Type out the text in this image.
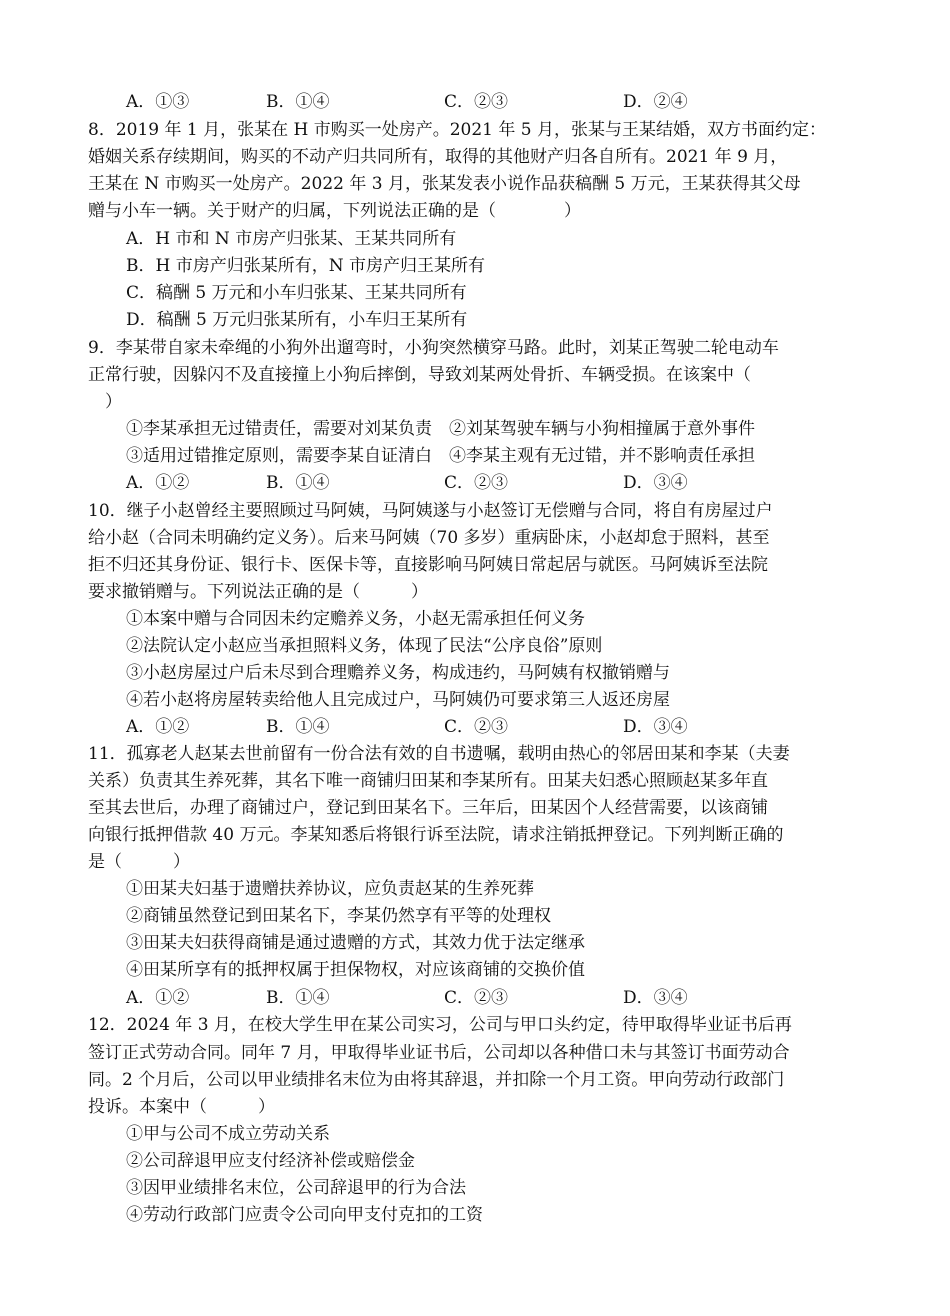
A．①③	B．①④	C．②③	D．②④
8．2019 年 1 月，张某在 H 市购买一处房产。2021 年 5 月，张某与王某结婚，双方书面约定：
婚姻关系存续期间，购买的不动产归共同所有，取得的其他财产归各自所有。2021 年 9 月，
王某在 N 市购买一处房产。2022 年 3 月，张某发表小说作品获稿酬 5 万元，王某获得其父母
赠与小车一辆。关于财产的归属，下列说法正确的是（　　　　）
A．H 市和 N 市房产归张某、王某共同所有
B．H 市房产归张某所有，N 市房产归王某所有
C．稿酬 5 万元和小车归张某、王某共同所有
D．稿酬 5 万元归张某所有，小车归王某所有
9．李某带自家未牵绳的小狗外出遛弯时，小狗突然横穿马路。此时，刘某正驾驶二轮电动车
正常行驶，因躲闪不及直接撞上小狗后摔倒，导致刘某两处骨折、车辆受损。在该案中（
　）
①李某承担无过错责任，需要对刘某负责　②刘某驾驶车辆与小狗相撞属于意外事件
③适用过错推定原则，需要李某自证清白　④李某主观有无过错，并不影响责任承担
A．①②	B．①④	C．②③	D．③④
10．继子小赵曾经主要照顾过马阿姨，马阿姨遂与小赵签订无偿赠与合同，将自有房屋过户
给小赵（合同未明确约定义务）。后来马阿姨（70 多岁）重病卧床，小赵却怠于照料，甚至
拒不归还其身份证、银行卡、医保卡等，直接影响马阿姨日常起居与就医。马阿姨诉至法院
要求撤销赠与。下列说法正确的是（　　　）
①本案中赠与合同因未约定赡养义务，小赵无需承担任何义务
②法院认定小赵应当承担照料义务，体现了民法“公序良俗”原则
③小赵房屋过户后未尽到合理赡养义务，构成违约，马阿姨有权撤销赠与
④若小赵将房屋转卖给他人且完成过户，马阿姨仍可要求第三人返还房屋
A．①②	B．①④	C．②③	D．③④
11．孤寡老人赵某去世前留有一份合法有效的自书遗嘱，载明由热心的邻居田某和李某（夫妻
关系）负责其生养死葬，其名下唯一商铺归田某和李某所有。田某夫妇悉心照顾赵某多年直
至其去世后，办理了商铺过户，登记到田某名下。三年后，田某因个人经营需要，以该商铺
向银行抵押借款 40 万元。李某知悉后将银行诉至法院，请求注销抵押登记。下列判断正确的
是（　　　）
①田某夫妇基于遗赠扶养协议，应负责赵某的生养死葬
②商铺虽然登记到田某名下，李某仍然享有平等的处理权
③田某夫妇获得商铺是通过遗赠的方式，其效力优于法定继承
④田某所享有的抵押权属于担保物权，对应该商铺的交换价值
A．①②	B．①④	C．②③	D．③④
12．2024 年 3 月，在校大学生甲在某公司实习，公司与甲口头约定，待甲取得毕业证书后再
签订正式劳动合同。同年 7 月，甲取得毕业证书后，公司却以各种借口未与其签订书面劳动合
同。2 个月后，公司以甲业绩排名末位为由将其辞退，并扣除一个月工资。甲向劳动行政部门
投诉。本案中（　　　）
①甲与公司不成立劳动关系
②公司辞退甲应支付经济补偿或赔偿金
③因甲业绩排名末位，公司辞退甲的行为合法
④劳动行政部门应责令公司向甲支付克扣的工资
